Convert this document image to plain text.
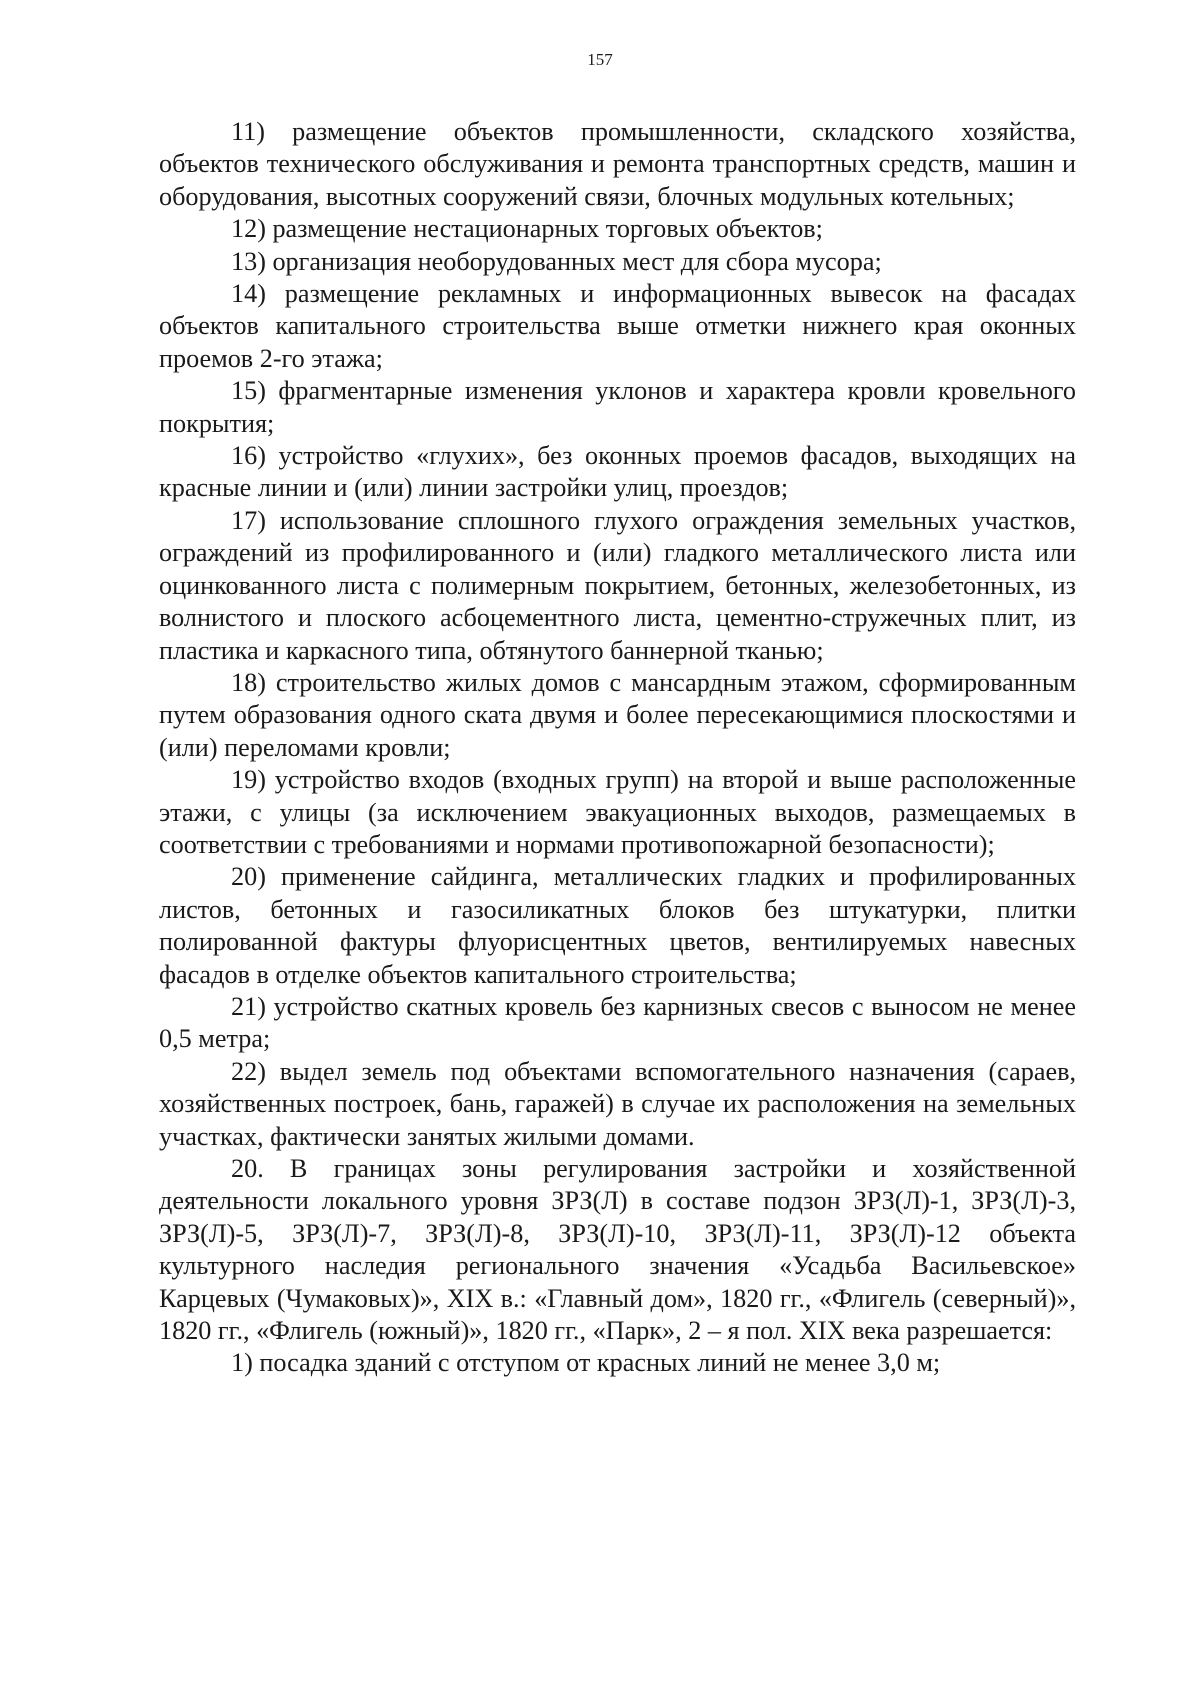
157

11) размещение объектов промышленности, складского хозяйства, объектов технического обслуживания и ремонта транспортных средств, машин и оборудования, высотных сооружений связи, блочных модульных котельных;

12) размещение нестационарных торговых объектов;

13) организация необорудованных мест для сбора мусора;

14) размещение рекламных и информационных вывесок на фасадах объектов капитального строительства выше отметки нижнего края оконных проемов 2-го этажа;

15) фрагментарные изменения уклонов и характера кровли кровельного покрытия;

16) устройство «глухих», без оконных проемов фасадов, выходящих на красные линии и (или) линии застройки улиц, проездов;

17) использование сплошного глухого ограждения земельных участков, ограждений из профилированного и (или) гладкого металлического листа или оцинкованного листа с полимерным покрытием, бетонных, железобетонных, из волнистого и плоского асбоцементного листа, цементно-стружечных плит, из пластика и каркасного типа, обтянутого баннерной тканью;

18) строительство жилых домов с мансардным этажом, сформированным путем образования одного ската двумя и более пересекающимися плоскостями и (или) переломами кровли;

19) устройство входов (входных групп) на второй и выше расположенные этажи, с улицы (за исключением эвакуационных выходов, размещаемых в соответствии с требованиями и нормами противопожарной безопасности);

20) применение сайдинга, металлических гладких и профилированных листов, бетонных и газосиликатных блоков без штукатурки, плитки полированной фактуры флуорисцентных цветов, вентилируемых навесных фасадов в отделке объектов капитального строительства;

21) устройство скатных кровель без карнизных свесов с выносом не менее 0,5 метра;

22) выдел земель под объектами вспомогательного назначения (сараев, хозяйственных построек, бань, гаражей) в случае их расположения на земельных участках, фактически занятых жилыми домами.

20. В границах зоны регулирования застройки и хозяйственной деятельности локального уровня ЗРЗ(Л) в составе подзон ЗРЗ(Л)-1, ЗРЗ(Л)-3, ЗРЗ(Л)-5, ЗРЗ(Л)-7, ЗРЗ(Л)-8, ЗРЗ(Л)-10, ЗРЗ(Л)-11, ЗРЗ(Л)-12 объекта культурного наследия регионального значения «Усадьба Васильевское» Карцевых (Чумаковых)», XIX в.: «Главный дом», 1820 гг., «Флигель (северный)», 1820 гг., «Флигель (южный)», 1820 гг., «Парк», 2 – я пол. XIX века разрешается:

1) посадка зданий с отступом от красных линий не менее 3,0 м;
